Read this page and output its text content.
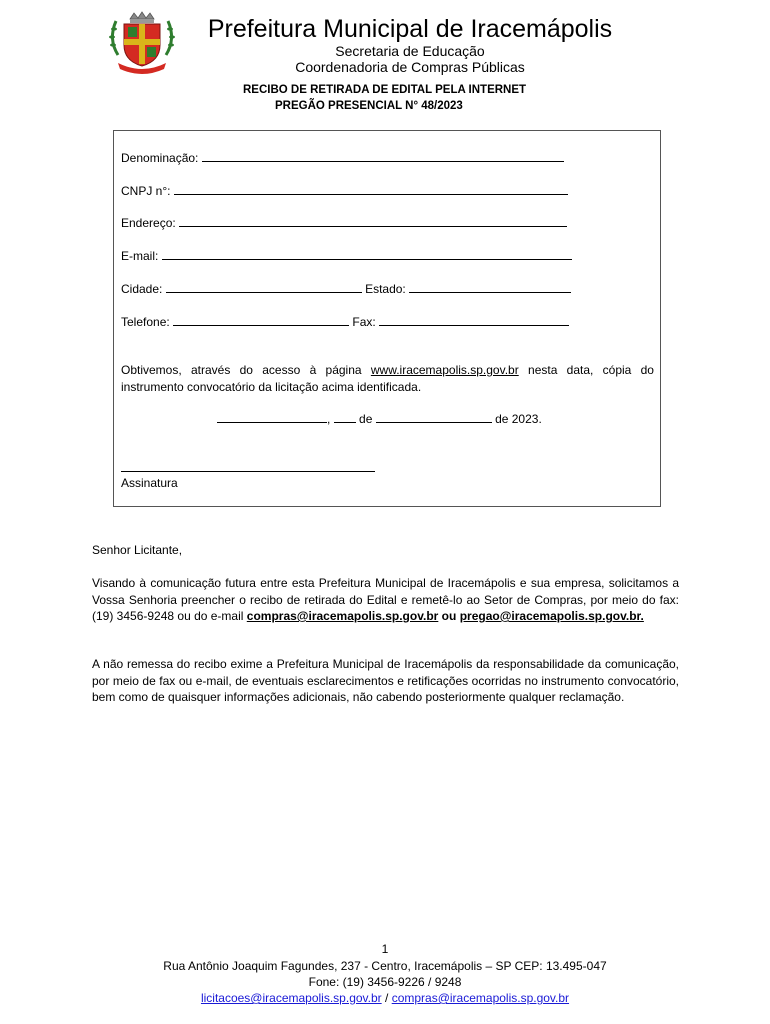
Prefeitura Municipal de Iracemápolis
Secretaria de Educação
Coordenadoria de Compras Públicas
RECIBO DE RETIRADA DE EDITAL PELA INTERNET
PREGÃO PRESENCIAL N° 48/2023
Denominação:
CNPJ n°:
Endereço:
E-mail:
Cidade:	Estado:
Telefone:	Fax:
Obtivemos, através do acesso à página www.iracemapolis.sp.gov.br nesta data, cópia do instrumento convocatório da licitação acima identificada.
, de	de 2023.
Assinatura
Senhor Licitante,
Visando à comunicação futura entre esta Prefeitura Municipal de Iracemápolis e sua empresa, solicitamos a Vossa Senhoria preencher o recibo de retirada do Edital e remetê-lo ao Setor de Compras, por meio do fax: (19) 3456-9248 ou do e-mail compras@iracemapolis.sp.gov.br ou pregao@iracemapolis.sp.gov.br.
A não remessa do recibo exime a Prefeitura Municipal de Iracemápolis da responsabilidade da comunicação, por meio de fax ou e-mail, de eventuais esclarecimentos e retificações ocorridas no instrumento convocatório, bem como de quaisquer informações adicionais, não cabendo posteriormente qualquer reclamação.
1
Rua Antônio Joaquim Fagundes, 237 - Centro, Iracemápolis – SP CEP: 13.495-047
Fone: (19) 3456-9226 / 9248
licitacoes@iracemapolis.sp.gov.br / compras@iracemapolis.sp.gov.br
